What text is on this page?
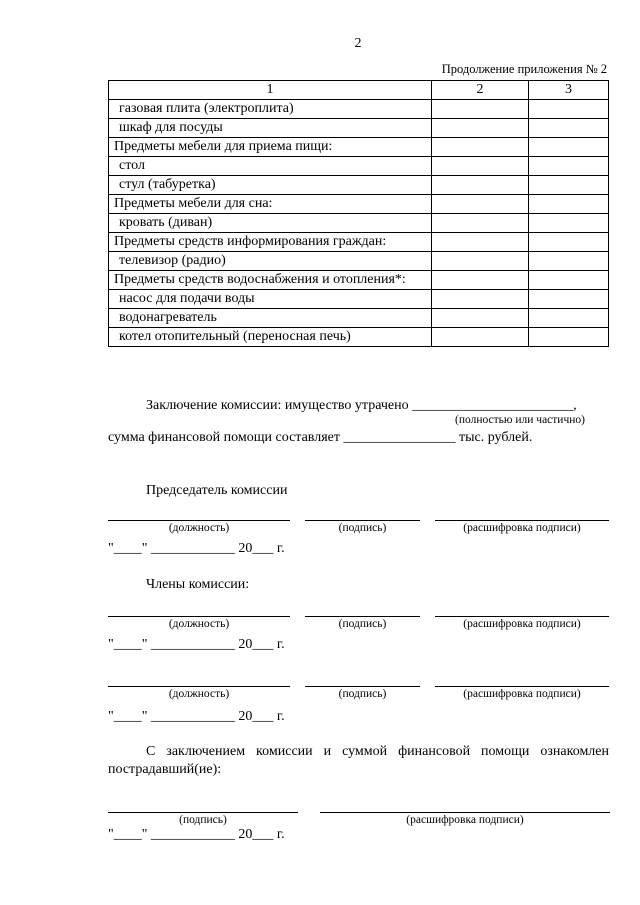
2
Продолжение приложения № 2
1	2	3
газовая плита (электроплита)		
шкаф для посуды		
Предметы мебели для приема пищи:		
стол		
стул (табуретка)		
Предметы мебели для сна:		
кровать (диван)		
Предметы средств информирования граждан:		
телевизор (радио)		
Предметы средств водоснабжения и отопления*:		
насос для подачи воды		
водонагреватель		
котел отопительный (переносная печь)		
Заключение комиссии: имущество утрачено _______________________,
(полностью или частично)
сумма финансовой помощи составляет ________________ тыс. рублей.
Председатель комиссии
(должность)	(подпись)	(расшифровка подписи)
"____" ____________ 20___ г.
Члены комиссии:
(должность)	(подпись)	(расшифровка подписи)
"____" ____________ 20___ г.
(должность)	(подпись)	(расшифровка подписи)
"____" ____________ 20___ г.
С заключением комиссии и суммой финансовой помощи ознакомлен
пострадавший(ие):
(подпись)	(расшифровка подписи)
"____" ____________ 20___ г.
